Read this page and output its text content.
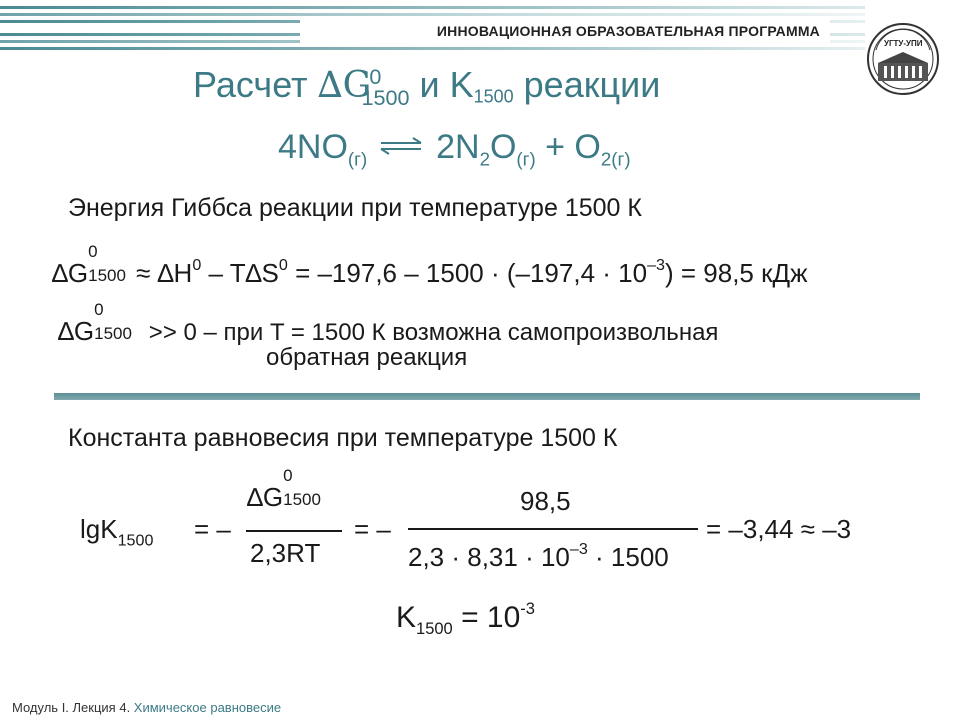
ИННОВАЦИОННАЯ ОБРАЗОВАТЕЛЬНАЯ ПРОГРАММА
УГТУ-УПИ
Расчет $\Delta G^0_{1500}$ и K1500 реакции
$4NO_{(г)}$ ⇌ $2N_2O_{(г)} + O_{2(г)}$
Энергия Гиббса реакции при температуре 1500 К
∆G
0
$1500 \approx \Delta H^0 - T\Delta S^0 = -197,6 - 1500 \cdot (-197,4 \cdot 10^{-3}) = 98,5$ кДж
∆G
0
1500 >> 0 – при T = 1500 К возможна самопроизвольная
обратная реакция
Константа равновесия при температуре 1500 К
lgK$_{1500}$ = –
∆G
0
1500
2,3RT
= –
98,5
$2,3 \cdot 8,31 \cdot 10^{-3} \cdot 1500$
= –3,44 ≈ –3
$K_{1500} = 10^{-3}$
Модуль I. Лекция 4. Химическое равновесие
